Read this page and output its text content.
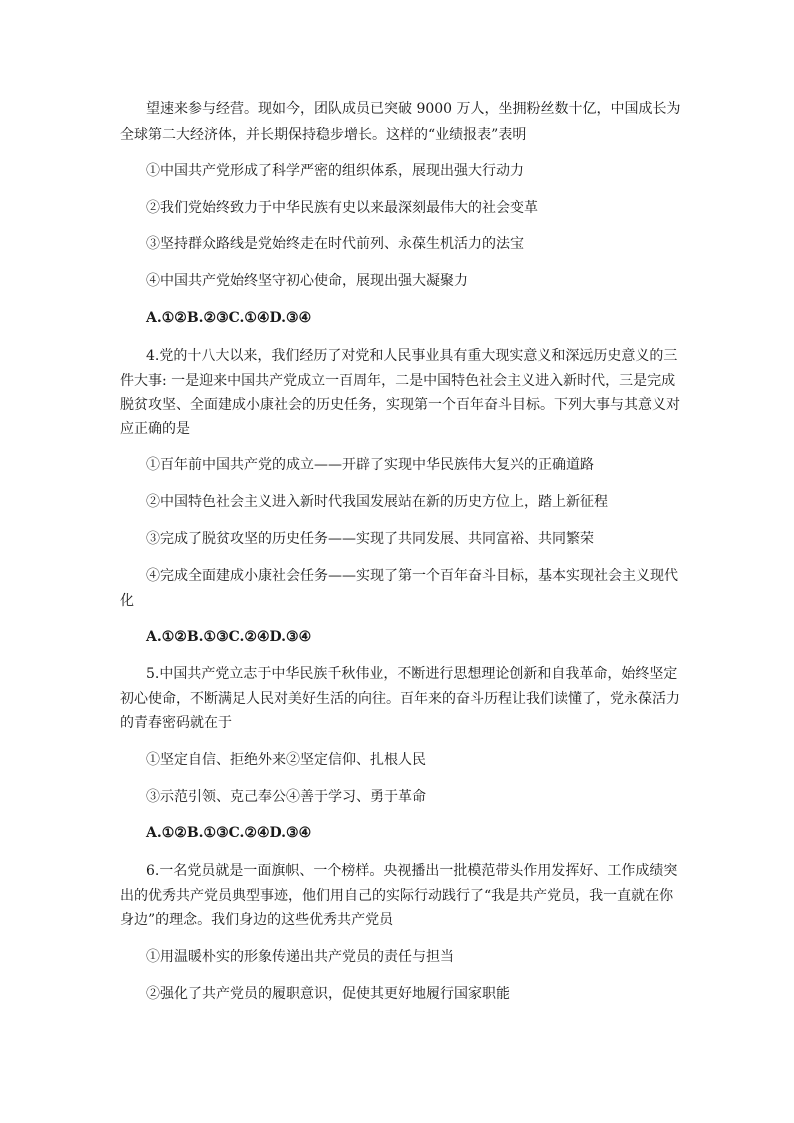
望速来参与经营。现如今，团队成员已突破 9000 万人，坐拥粉丝数十亿，中国成长为
全球第二大经济体，并长期保持稳步增长。这样的“业绩报表”表明
①中国共产党形成了科学严密的组织体系，展现出强大行动力
②我们党始终致力于中华民族有史以来最深刻最伟大的社会变革
③坚持群众路线是党始终走在时代前列、永葆生机活力的法宝
④中国共产党始终坚守初心使命，展现出强大凝聚力
A.①②B.②③C.①④D.③④
4.党的十八大以来，我们经历了对党和人民事业具有重大现实意义和深远历史意义的三
件大事: 一是迎来中国共产党成立一百周年，二是中国特色社会主义进入新时代，三是完成
脱贫攻坚、全面建成小康社会的历史任务，实现第一个百年奋斗目标。下列大事与其意义对
应正确的是
①百年前中国共产党的成立——开辟了实现中华民族伟大复兴的正确道路
②中国特色社会主义进入新时代我国发展站在新的历史方位上，踏上新征程
③完成了脱贫攻坚的历史任务——实现了共同发展、共同富裕、共同繁荣
④完成全面建成小康社会任务——实现了第一个百年奋斗目标，基本实现社会主义现代
化
A.①②B.①③C.②④D.③④
5.中国共产党立志于中华民族千秋伟业，不断进行思想理论创新和自我革命，始终坚定
初心使命，不断满足人民对美好生活的向往。百年来的奋斗历程让我们读懂了，党永葆活力
的青春密码就在于
①坚定自信、拒绝外来②坚定信仰、扎根人民
③示范引领、克己奉公④善于学习、勇于革命
A.①②B.①③C.②④D.③④
6.一名党员就是一面旗帜、一个榜样。央视播出一批模范带头作用发挥好、工作成绩突
出的优秀共产党员典型事迹，他们用自己的实际行动践行了“我是共产党员，我一直就在你
身边”的理念。我们身边的这些优秀共产党员
①用温暖朴实的形象传递出共产党员的责任与担当
②强化了共产党员的履职意识，促使其更好地履行国家职能
